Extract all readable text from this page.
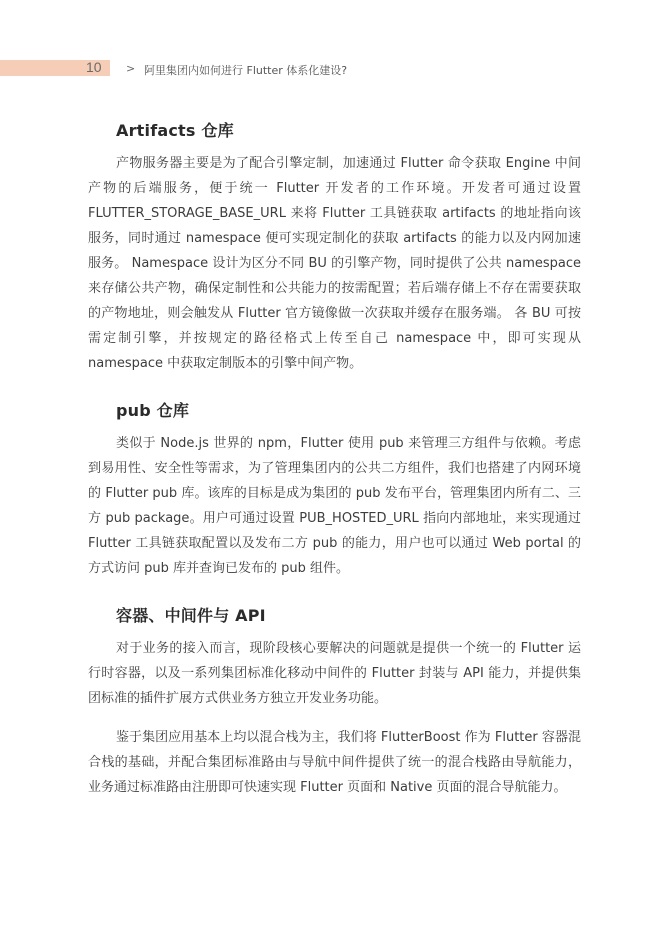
10 > 阿里集团内如何进行 Flutter 体系化建设?
Artifacts 仓库

产物服务器主要是为了配合引擎定制，加速通过 Flutter 命令获取 Engine 中间产物的后端服务，便于统一 Flutter 开发者的工作环境。开发者可通过设置 FLUTTER_STORAGE_BASE_URL 来将 Flutter 工具链获取 artifacts 的地址指向该服务，同时通过 namespace 便可实现定制化的获取 artifacts 的能力以及内网加速服务。 Namespace 设计为区分不同 BU 的引擎产物，同时提供了公共 namespace 来存储公共产物，确保定制性和公共能力的按需配置；若后端存储上不存在需要获取的产物地址，则会触发从 Flutter 官方镜像做一次获取并缓存在服务端。 各 BU 可按需定制引擎，并按规定的路径格式上传至自己 namespace 中，即可实现从 namespace 中获取定制版本的引擎中间产物。

pub 仓库

类似于 Node.js 世界的 npm，Flutter 使用 pub 来管理三方组件与依赖。考虑到易用性、安全性等需求，为了管理集团内的公共二方组件，我们也搭建了内网环境的 Flutter pub 库。该库的目标是成为集团的 pub 发布平台，管理集团内所有二、三方 pub package。用户可通过设置 PUB_HOSTED_URL 指向内部地址，来实现通过 Flutter 工具链获取配置以及发布二方 pub 的能力，用户也可以通过 Web portal 的方式访问 pub 库并查询已发布的 pub 组件。

容器、中间件与 API

对于业务的接入而言，现阶段核心要解决的问题就是提供一个统一的 Flutter 运行时容器，以及一系列集团标准化移动中间件的 Flutter 封装与 API 能力，并提供集团标准的插件扩展方式供业务方独立开发业务功能。

鉴于集团应用基本上均以混合栈为主，我们将 FlutterBoost 作为 Flutter 容器混合栈的基础，并配合集团标准路由与导航中间件提供了统一的混合栈路由导航能力，业务通过标准路由注册即可快速实现 Flutter 页面和 Native 页面的混合导航能力。
